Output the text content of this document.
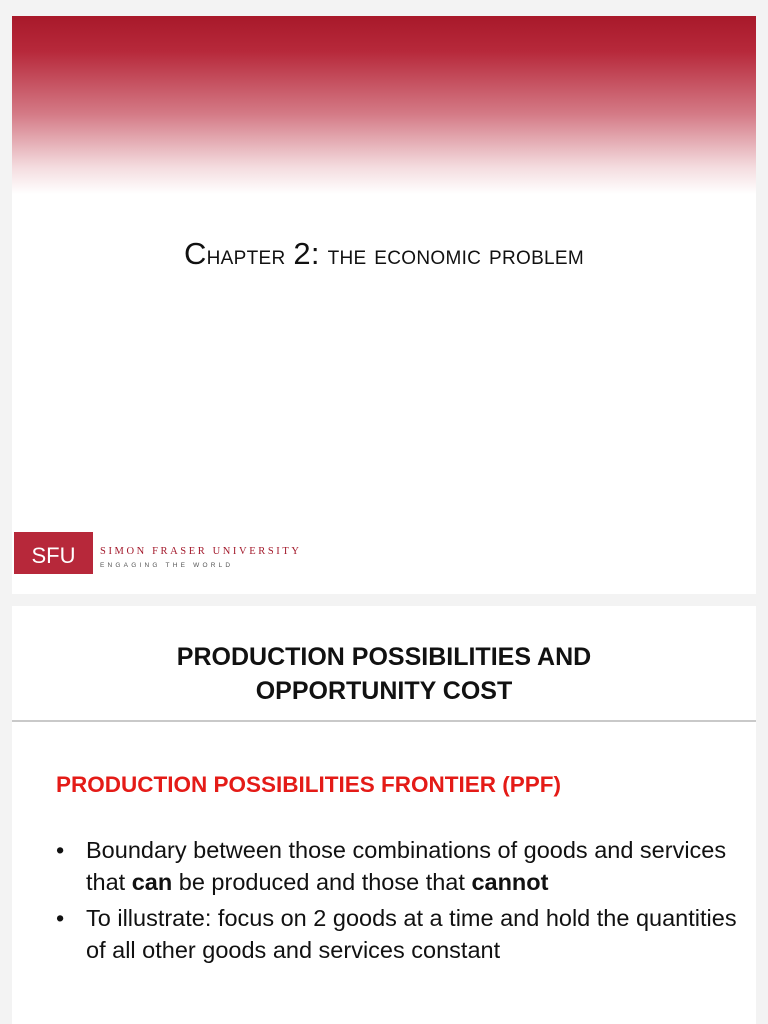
Chapter 2: the economic problem
SFU	SIMON FRASER UNIVERSITY
ENGAGING THE WORLD
PRODUCTION POSSIBILITIES AND
OPPORTUNITY COST
PRODUCTION POSSIBILITIES FRONTIER (PPF)
• Boundary between those combinations of goods and services that can be produced and those that cannot
• To illustrate: focus on 2 goods at a time and hold the quantities of all other goods and services constant
